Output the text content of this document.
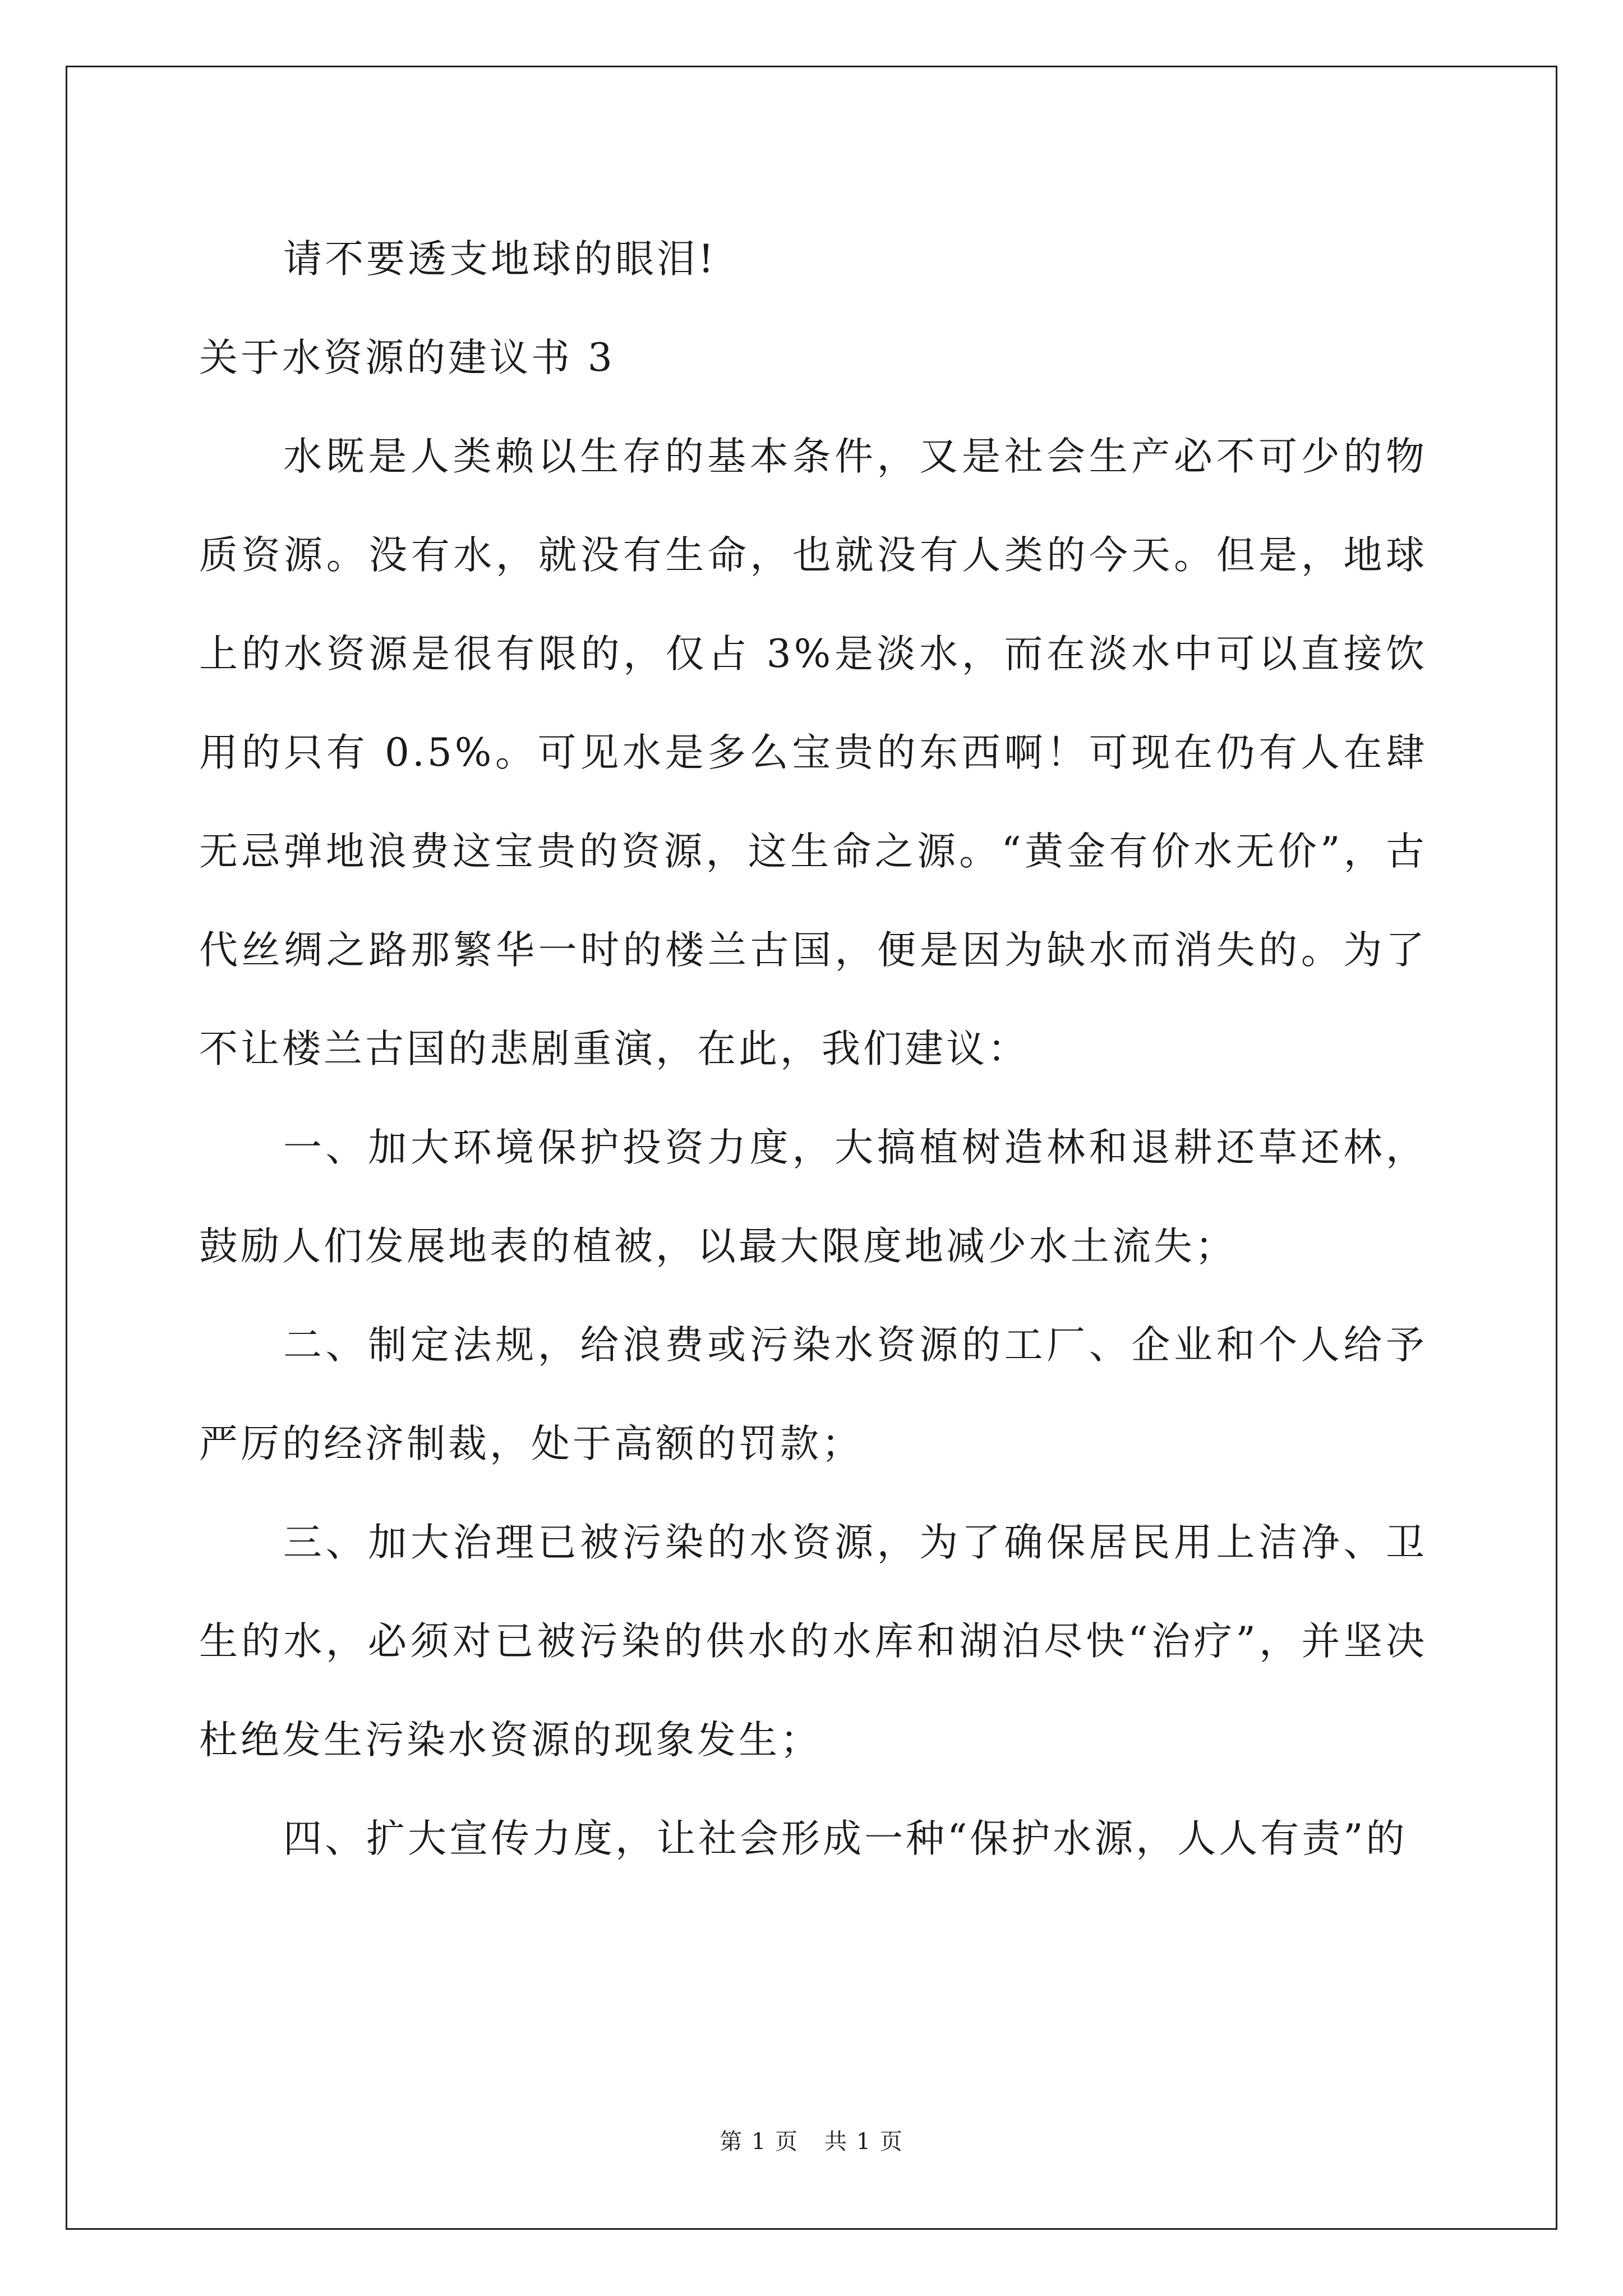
请不要透支地球的眼泪!

关于水资源的建议书 3

水既是人类赖以生存的基本条件，又是社会生产必不可少的物质资源。没有水，就没有生命，也就没有人类的今天。但是，地球上的水资源是很有限的，仅占 3%是淡水，而在淡水中可以直接饮用的只有 0.5%。可见水是多么宝贵的东西啊！可现在仍有人在肆无忌弹地浪费这宝贵的资源，这生命之源。“黄金有价水无价”，古代丝绸之路那繁华一时的楼兰古国，便是因为缺水而消失的。为了不让楼兰古国的悲剧重演，在此，我们建议：

一、加大环境保护投资力度，大搞植树造林和退耕还草还林，鼓励人们发展地表的植被，以最大限度地减少水土流失；

二、制定法规，给浪费或污染水资源的工厂、企业和个人给予严厉的经济制裁，处于高额的罚款；

三、加大治理已被污染的水资源，为了确保居民用上洁净、卫生的水，必须对已被污染的供水的水库和湖泊尽快“治疗”，并坚决杜绝发生污染水资源的现象发生；

四、扩大宣传力度，让社会形成一种“保护水源，人人有责”的

第 1 页 共 1 页
